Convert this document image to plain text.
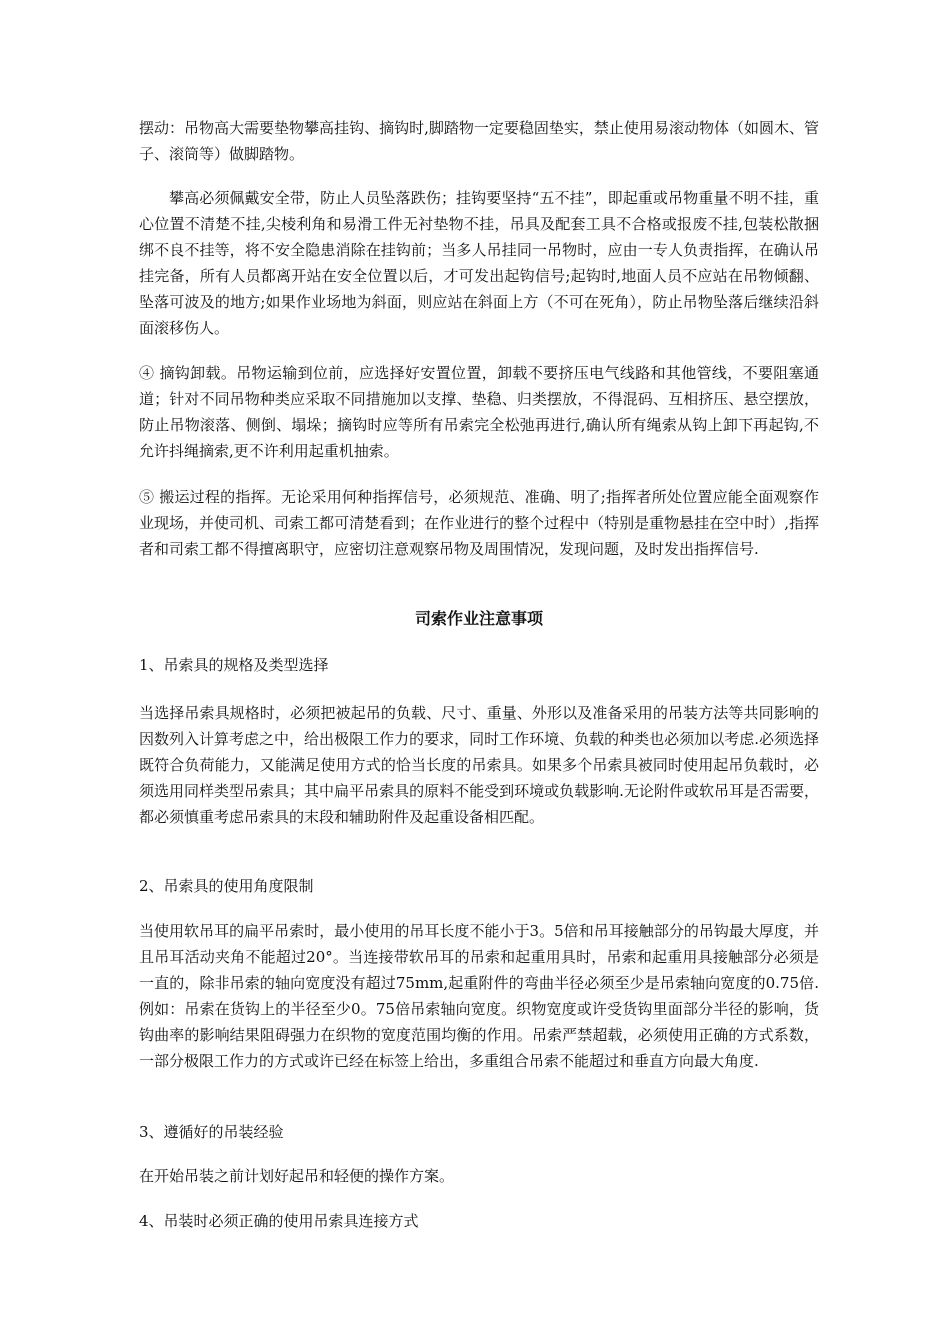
摆动：吊物高大需要垫物攀高挂钩、摘钩时,脚踏物一定要稳固垫实，禁止使用易滚动物体（如圆木、管子、滚筒等）做脚踏物。

攀高必须佩戴安全带，防止人员坠落跌伤；挂钩要坚持“五不挂”，即起重或吊物重量不明不挂，重心位置不清楚不挂,尖棱利角和易滑工件无衬垫物不挂，吊具及配套工具不合格或报废不挂,包装松散捆绑不良不挂等，将不安全隐患消除在挂钩前；当多人吊挂同一吊物时，应由一专人负责指挥，在确认吊挂完备，所有人员都离开站在安全位置以后，才可发出起钩信号;起钩时,地面人员不应站在吊物倾翻、坠落可波及的地方;如果作业场地为斜面，则应站在斜面上方（不可在死角），防止吊物坠落后继续沿斜面滚移伤人。

④ 摘钩卸载。吊物运输到位前，应选择好安置位置，卸载不要挤压电气线路和其他管线，不要阻塞通道；针对不同吊物种类应采取不同措施加以支撑、垫稳、归类摆放，不得混码、互相挤压、悬空摆放，防止吊物滚落、侧倒、塌垛；摘钩时应等所有吊索完全松弛再进行,确认所有绳索从钩上卸下再起钩,不允许抖绳摘索,更不许利用起重机抽索。

⑤ 搬运过程的指挥。无论采用何种指挥信号，必须规范、准确、明了;指挥者所处位置应能全面观察作业现场，并使司机、司索工都可清楚看到；在作业进行的整个过程中（特别是重物悬挂在空中时）,指挥者和司索工都不得擅离职守，应密切注意观察吊物及周围情况，发现问题，及时发出指挥信号.

司索作业注意事项

1、吊索具的规格及类型选择

当选择吊索具规格时，必须把被起吊的负载、尺寸、重量、外形以及准备采用的吊装方法等共同影响的因数列入计算考虑之中，给出极限工作力的要求，同时工作环境、负载的种类也必须加以考虑.必须选择既符合负荷能力，又能满足使用方式的恰当长度的吊索具。如果多个吊索具被同时使用起吊负载时，必须选用同样类型吊索具；其中扁平吊索具的原料不能受到环境或负载影响.无论附件或软吊耳是否需要，都必须慎重考虑吊索具的末段和辅助附件及起重设备相匹配。

2、吊索具的使用角度限制

当使用软吊耳的扁平吊索时，最小使用的吊耳长度不能小于3。5倍和吊耳接触部分的吊钩最大厚度，并且吊耳活动夹角不能超过20°。当连接带软吊耳的吊索和起重用具时，吊索和起重用具接触部分必须是一直的，除非吊索的轴向宽度没有超过75mm,起重附件的弯曲半径必须至少是吊索轴向宽度的0.75倍.例如：吊索在货钩上的半径至少0。75倍吊索轴向宽度。织物宽度或许受货钩里面部分半径的影响，货钩曲率的影响结果阻碍强力在织物的宽度范围均衡的作用。吊索严禁超载，必须使用正确的方式系数，一部分极限工作力的方式或许已经在标签上给出，多重组合吊索不能超过和垂直方向最大角度.

3、遵循好的吊装经验

在开始吊装之前计划好起吊和轻便的操作方案。

4、吊装时必须正确的使用吊索具连接方式
